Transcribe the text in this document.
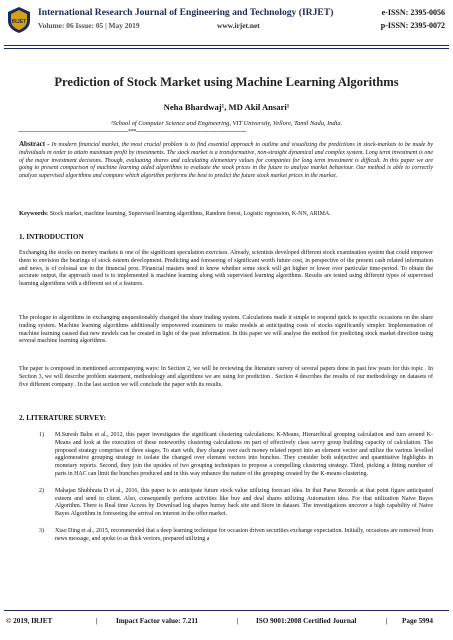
IRJET
International Research Journal of Engineering and Technology (IRJET)
Volume: 06 Issue: 05 | May 2019	www.irjet.net
e-ISSN: 2395-0056
p-ISSN: 2395-0072
Prediction of Stock Market using Machine Learning Algorithms
Neha Bhardwaj¹, MD Akil Ansari¹
¹School of Computer Science and Engineering, VIT University, Vellore, Tamil Nadu, India.
---------------------------------------------------------------------***---------------------------------------------------------------------
Abstract - In modern financial market, the most crucial problem is to find essential approach to outline and visualizing the predictions in stock-markets to be made by individuals in order to attain maximum profit by investments. The stock market is a transformative, non-straight dynamical and complex system. Long term investment is one of the major investment decisions. Though, evaluating shares and calculating elementary values for companies for long term investment is difficult. In this paper we are going to present comparison of machine learning aided algorithms to evaluate the stock prices in the future to analyze market behaviour. Our method is able to correctly analyze supervised algorithms and compare which algorithm performs the best to predict the future stock market prices in the market.
Keywords: Stock market, machine learning, Supervised learning algorithms, Random forest, Logistic regression, K-NN, ARIMA.
1. INTRODUCTION
Exchanging the stocks on money markets is one of the significant speculation exercises. Already, scientists developed different stock examination system that could empower them to envision the bearings of stock esteem development. Predicting and foreseeing of significant worth future cost, in perspective of the present cash related information and news, is of colossal use to the financial pros. Financial masters need to know whether some stock will get higher or lower over particular time-period. To obtain the accurate output, the approach used is to implemented is machine learning along with supervised learning algorithms. Results are tested using different types of supervised learning algorithms with a different set of a features.
The prologue to algorithms in exchanging unquestionably changed the share trading system. Calculations made it simple to respond quick to specific occasions on the share trading system. Machine learning algorithms additionally empowered examiners to make models at anticipating costs of stocks significantly simpler. Implementation of machine learning caused that new models can be created in light of the past information. In this paper we will analyse the method for predicting stock market direction using several machine learning algorithms.
The paper is composed in mentioned accompanying ways: In Section 2, we will be reviewing the literature survey of several papers done in past few years for this topic . In Section 3, we will describe problem statement, methodology and algorithms we are using for prediction . Section 4 describes the results of our methodology on datasets of five different company . In the last section we will conclude the paper with its results.
2. LITERATURE SURVEY:
1) M.Suresh Babu et al., 2012, this paper investigates the significant clustering calculations: K-Means, Hierarchical grouping calculation and turn around K-Means and look at the execution of these noteworthy clustering calculations on part of effectively class savvy group building capacity of calculation. The proposed strategy comprises of three stages. To start with, they change over each money related report into an element vector and utilize the various levelled agglomerative grouping strategy to isolate the changed over element vectors into bunches. They consider both subjective and quantitative highlights in monetary reports. Second, they join the upsides of two grouping techniques to propose a compelling clustering strategy. Third, picking a fitting number of parts in HAC can limit the bunches produced and in this way enhance the nature of the grouping created by the K-means clustering.
2) Mahajan Shubhrata D et al., 2016, this paper is to anticipate future stock value utilizing forecast idea. In that Parse Records at that point figure anticipated esteem and send to client. Also, consequently perform activities like buy and deal shares utilizing Automation idea. For that utilization Naive Bayes Algorithm. There is Real time Access by Download log shapes hurray back site and Store in dataset. The investigations uncover a high capability of Naive Bayes Algorithm in foreseeing the arrival on interest in the offer market.
3) Xiao Ding et al., 2015, recommended that a deep learning technique for occasion driven securities exchange expectation. Initially, occasions are removed from news message, and spoke to as thick vectors, prepared utilizing a
© 2019, IRJET	|	Impact Factor value: 7.211	| ISO 9001:2008 Certified Journal	| Page 5994
